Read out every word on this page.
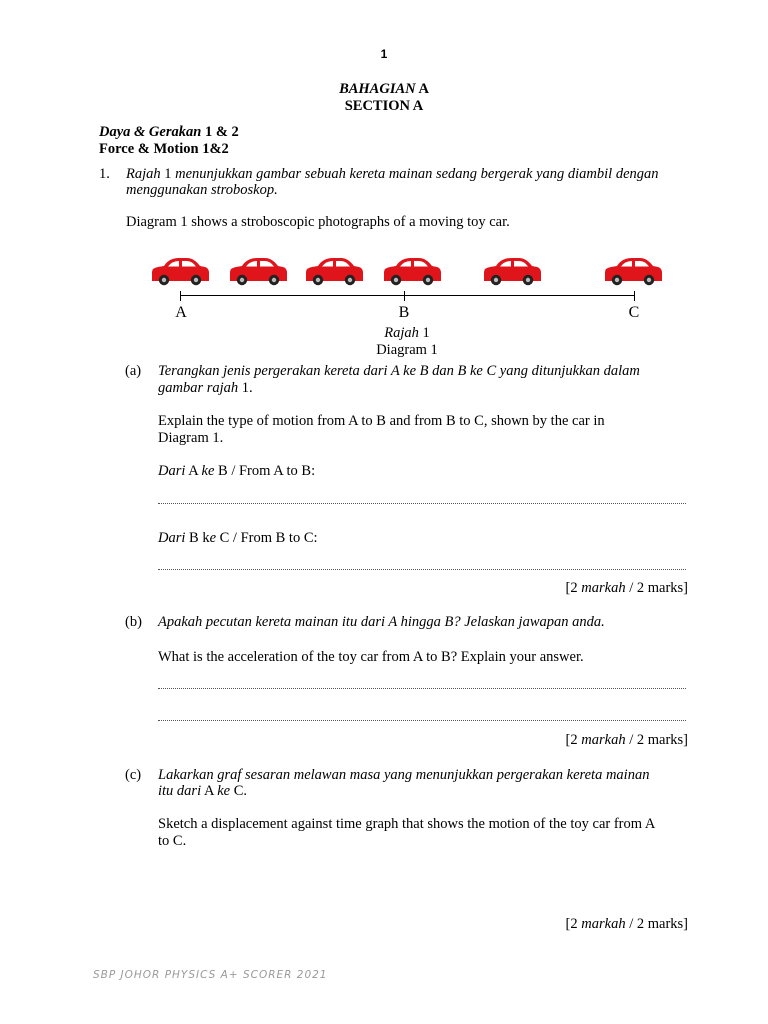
1
BAHAGIAN A
SECTION A
Daya & Gerakan 1 & 2
Force & Motion 1&2
1. Rajah 1 menunjukkan gambar sebuah kereta mainan sedang bergerak yang diambil dengan
menggunakan stroboskop.
Diagram 1 shows a stroboscopic photographs of a moving toy car.
A	B	C
Rajah 1
Diagram 1
(a) Terangkan jenis pergerakan kereta dari A ke B dan B ke C yang ditunjukkan dalam
gambar rajah 1.
Explain the type of motion from A to B and from B to C, shown by the car in
Diagram 1.
Dari A ke B / From A to B:
Dari B ke C / From B to C:
[2 markah / 2 marks]
(b) Apakah pecutan kereta mainan itu dari A hingga B? Jelaskan jawapan anda.
What is the acceleration of the toy car from A to B? Explain your answer.
[2 markah / 2 marks]
(c) Lakarkan graf sesaran melawan masa yang menunjukkan pergerakan kereta mainan
itu dari A ke C.
Sketch a displacement against time graph that shows the motion of the toy car from A
to C.
[2 markah / 2 marks]
SBP JOHOR PHYSICS A+ SCORER 2021
